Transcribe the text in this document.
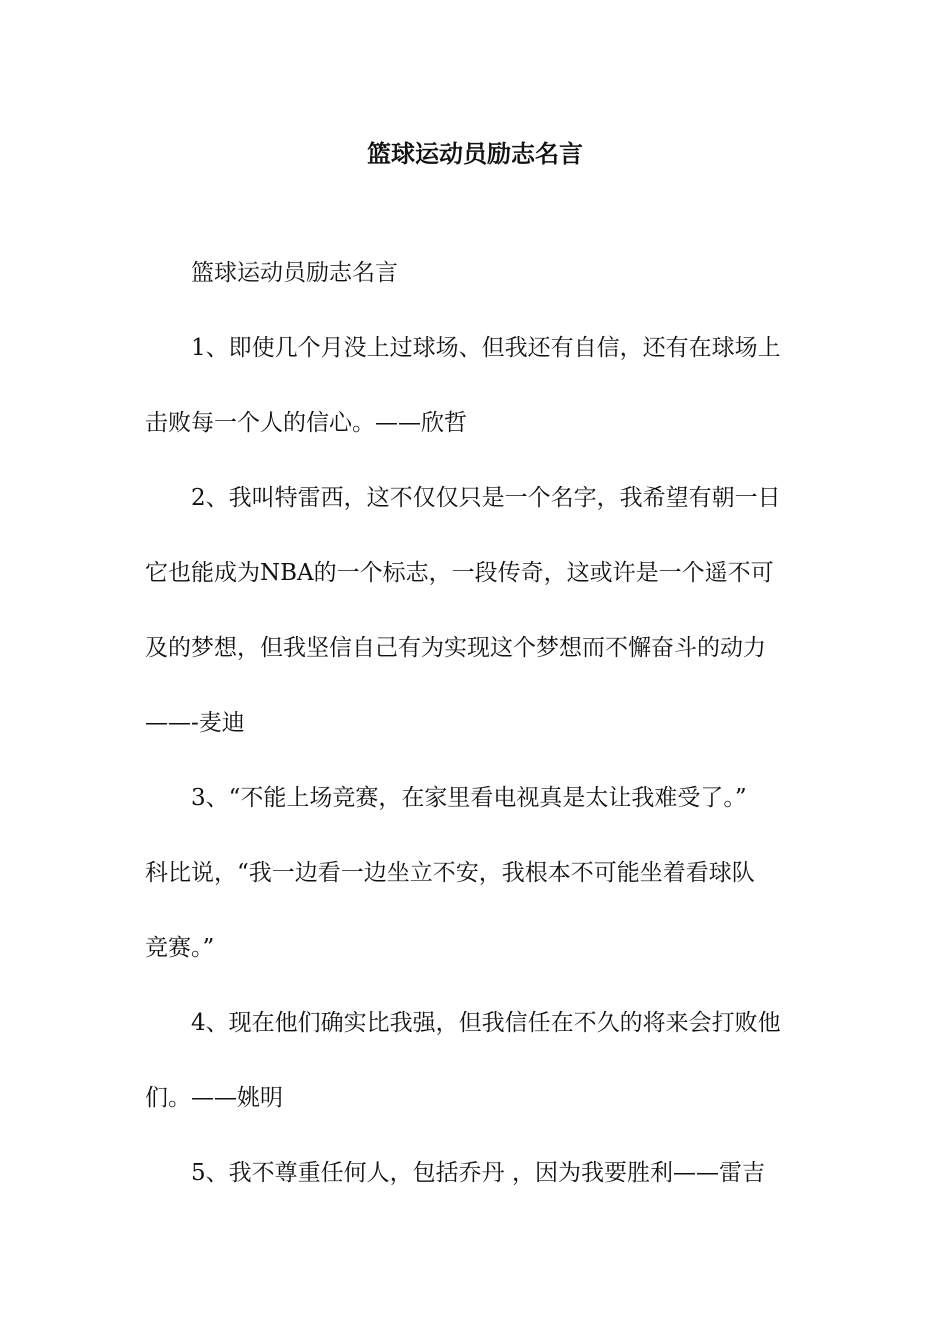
篮球运动员励志名言
篮球运动员励志名言
1、即使几个月没上过球场、但我还有自信，还有在球场上
击败每一个人的信心。——欣哲
2、我叫特雷西，这不仅仅只是一个名字，我希望有朝一日
它也能成为NBA的一个标志，一段传奇，这或许是一个遥不可
及的梦想，但我坚信自己有为实现这个梦想而不懈奋斗的动力
——-麦迪
3、“不能上场竞赛，在家里看电视真是太让我难受了。”
科比说，“我一边看一边坐立不安，我根本不可能坐着看球队
竞赛。”
4、现在他们确实比我强，但我信任在不久的将来会打败他
们。——姚明
5、我不尊重任何人，包括乔丹 ，因为我要胜利——雷吉
